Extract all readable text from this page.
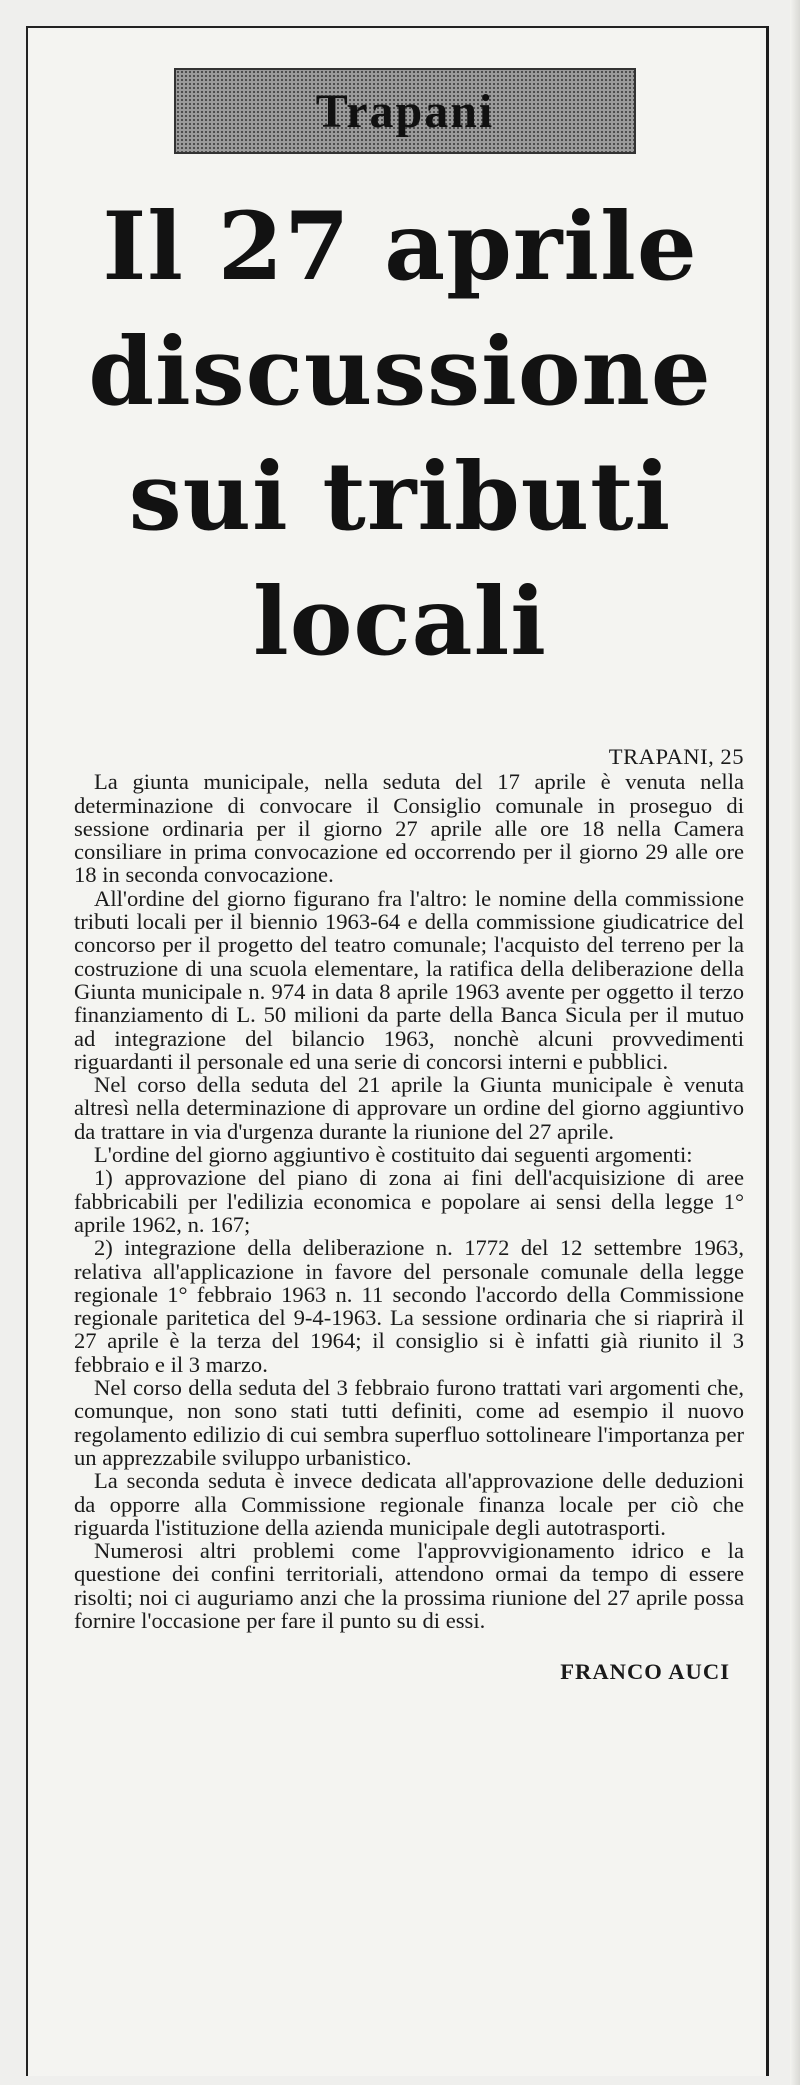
Trapani
Il 27 aprile
discussione
sui tributi
locali
TRAPANI, 25

La giunta municipale, nella seduta del 17 aprile è venuta nella determinazione di convocare il Consiglio comunale in proseguo di sessione ordinaria per il giorno 27 aprile alle ore 18 nella Camera consiliare in prima convocazione ed occorrendo per il giorno 29 alle ore 18 in seconda convocazione.

All'ordine del giorno figurano fra l'altro: le nomine della commissione tributi locali per il biennio 1963-64 e della commissione giudicatrice del concorso per il progetto del teatro comunale; l'acquisto del terreno per la costruzione di una scuola elementare, la ratifica della deliberazione della Giunta municipale n. 974 in data 8 aprile 1963 avente per oggetto il terzo finanziamento di L. 50 milioni da parte della Banca Sicula per il mutuo ad integrazione del bilancio 1963, nonchè alcuni provvedimenti riguardanti il personale ed una serie di concorsi interni e pubblici.

Nel corso della seduta del 21 aprile la Giunta municipale è venuta altresì nella determinazione di approvare un ordine del giorno aggiuntivo da trattare in via d'urgenza durante la riunione del 27 aprile.

L'ordine del giorno aggiuntivo è costituito dai seguenti argomenti:

1) approvazione del piano di zona ai fini dell'acquisizione di aree fabbricabili per l'edilizia economica e popolare ai sensi della legge 1° aprile 1962, n. 167;

2) integrazione della deliberazione n. 1772 del 12 settembre 1963, relativa all'applicazione in favore del personale comunale della legge regionale 1° febbraio 1963 n. 11 secondo l'accordo della Commissione regionale paritetica del 9-4-1963. La sessione ordinaria che si riaprirà il 27 aprile è la terza del 1964; il consiglio si è infatti già riunito il 3 febbraio e il 3 marzo.

Nel corso della seduta del 3 febbraio furono trattati vari argomenti che, comunque, non sono stati tutti definiti, come ad esempio il nuovo regolamento edilizio di cui sembra superfluo sottolineare l'importanza per un apprezzabile sviluppo urbanistico.

La seconda seduta è invece dedicata all'approvazione delle deduzioni da opporre alla Commissione regionale finanza locale per ciò che riguarda l'istituzione della azienda municipale degli autotrasporti.

Numerosi altri problemi come l'approvvigionamento idrico e la questione dei confini territoriali, attendono ormai da tempo di essere risolti; noi ci auguriamo anzi che la prossima riunione del 27 aprile possa fornire l'occasione per fare il punto su di essi.

FRANCO AUCI
